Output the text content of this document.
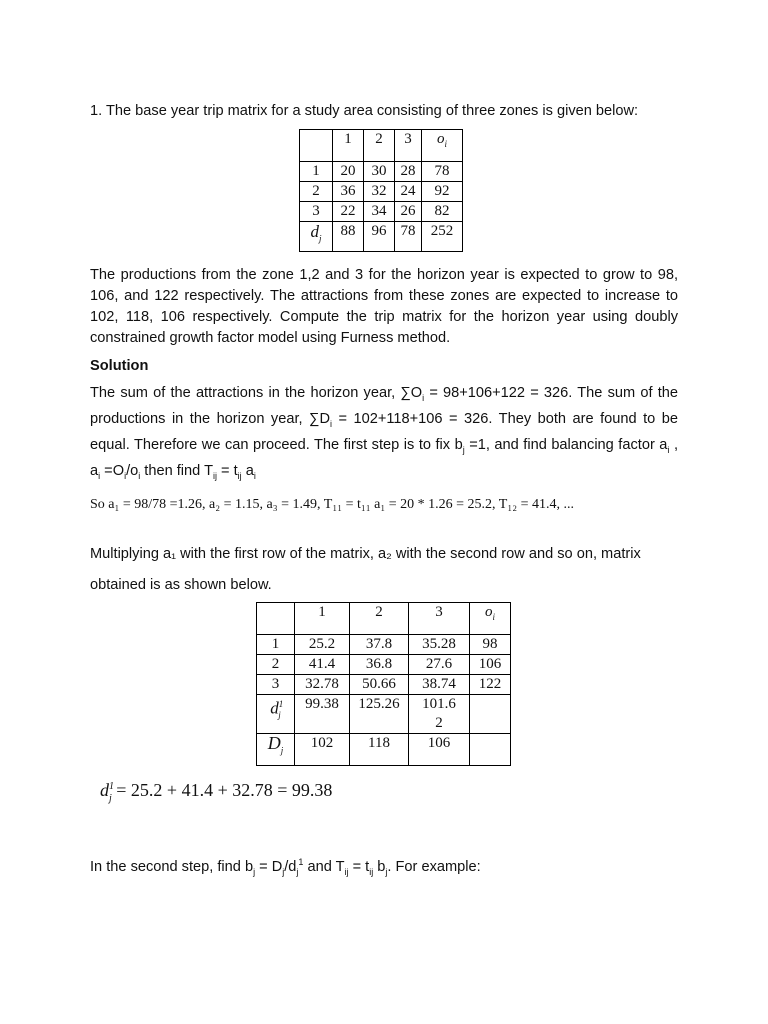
1. The base year trip matrix for a study area consisting of three zones is given below:
	1	2	3	$o_i$
1	20	30	28	78
2	36	32	24	92
3	22	34	26	82
$d_j$	88	96	78	252
The productions from the zone 1,2 and 3 for the horizon year is expected to grow to 98, 106, and 122 respectively. The attractions from these zones are expected to increase to 102, 118, 106 respectively. Compute the trip matrix for the horizon year using doubly constrained growth factor model using Furness method.
Solution
The sum of the attractions in the horizon year, $\sum O_i = 98+106+122 = 326$. The sum of the productions in the horizon year, $\sum D_i = 102+118+106 = 326$. They both are found to be equal. Therefore we can proceed. The first step is to fix $b_j =1$, and find balancing factor $a_i$ , $a_i =O_i/o_i$ then find $T_{ij} = t_{ij}$ $a_i$
So a₁ = 98/78 =1.26, a₂ = 1.15, a₃ = 1.49, T₁₁ = t₁₁ a₁ = 20 * 1.26 = 25.2, T₁₂ = 41.4, ...
Multiplying a₁ with the first row of the matrix, a₂ with the second row and so on, matrix
obtained is as shown below.
	1	2	3	$o_i$
1	25.2	37.8	35.28	98
2	41.4	36.8	27.6	106
3	32.78	50.66	38.74	122
$d^1_j$	99.38	125.26	101.6
2	
$D_j$	102	118	106	
$d^1_j = 25.2 + 41.4 + 32.78 = 99.38$
In the second step, find $b_j = D_j/d_j^1$ and $T_{ij} = t_{ij}$ $b_j$. For example:
